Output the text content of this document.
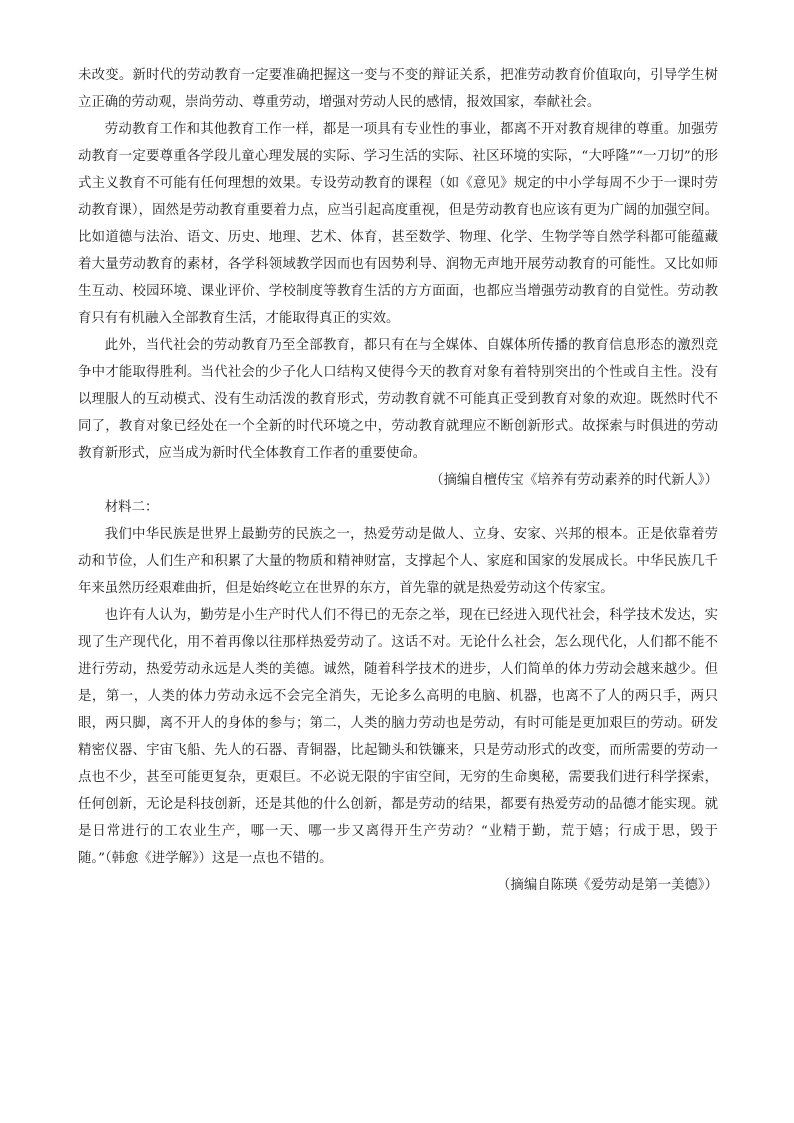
未改变。新时代的劳动教育一定要准确把握这一变与不变的辩证关系，把准劳动教育价值取向，引导学生树立正确的劳动观，崇尚劳动、尊重劳动，增强对劳动人民的感情，报效国家，奉献社会。

劳动教育工作和其他教育工作一样，都是一项具有专业性的事业，都离不开对教育规律的尊重。加强劳动教育一定要尊重各学段儿童心理发展的实际、学习生活的实际、社区环境的实际，“大呼隆”“一刀切”的形式主义教育不可能有任何理想的效果。专设劳动教育的课程（如《意见》规定的中小学每周不少于一课时劳动教育课），固然是劳动教育重要着力点，应当引起高度重视，但是劳动教育也应该有更为广阔的加强空间。比如道德与法治、语文、历史、地理、艺术、体育，甚至数学、物理、化学、生物学等自然学科都可能蕴藏着大量劳动教育的素材，各学科领域教学因而也有因势利导、润物无声地开展劳动教育的可能性。又比如师生互动、校园环境、课业评价、学校制度等教育生活的方方面面，也都应当增强劳动教育的自觉性。劳动教育只有有机融入全部教育生活，才能取得真正的实效。

此外，当代社会的劳动教育乃至全部教育，都只有在与全媒体、自媒体所传播的教育信息形态的激烈竞争中才能取得胜利。当代社会的少子化人口结构又使得今天的教育对象有着特别突出的个性或自主性。没有以理服人的互动模式、没有生动活泼的教育形式，劳动教育就不可能真正受到教育对象的欢迎。既然时代不同了，教育对象已经处在一个全新的时代环境之中，劳动教育就理应不断创新形式。故探索与时俱进的劳动教育新形式，应当成为新时代全体教育工作者的重要使命。

（摘编自檀传宝《培养有劳动素养的时代新人》）

材料二：

我们中华民族是世界上最勤劳的民族之一，热爱劳动是做人、立身、安家、兴邦的根本。正是依靠着劳动和节俭，人们生产和积累了大量的物质和精神财富，支撑起个人、家庭和国家的发展成长。中华民族几千年来虽然历经艰难曲折，但是始终屹立在世界的东方，首先靠的就是热爱劳动这个传家宝。

也许有人认为，勤劳是小生产时代人们不得已的无奈之举，现在已经进入现代社会，科学技术发达，实现了生产现代化，用不着再像以往那样热爱劳动了。这话不对。无论什么社会，怎么现代化，人们都不能不进行劳动，热爱劳动永远是人类的美德。诚然，随着科学技术的进步，人们简单的体力劳动会越来越少。但是，第一，人类的体力劳动永远不会完全消失，无论多么高明的电脑、机器，也离不了人的两只手，两只眼，两只脚，离不开人的身体的参与；第二，人类的脑力劳动也是劳动，有时可能是更加艰巨的劳动。研发精密仪器、宇宙飞船、先人的石器、青铜器，比起锄头和铁镰来，只是劳动形式的改变，而所需要的劳动一点也不少，甚至可能更复杂，更艰巨。不必说无限的宇宙空间，无穷的生命奥秘，需要我们进行科学探索，任何创新，无论是科技创新，还是其他的什么创新，都是劳动的结果，都要有热爱劳动的品德才能实现。就是日常进行的工农业生产，哪一天、哪一步又离得开生产劳动？“业精于勤，荒于嬉；行成于思，毁于随。”（韩愈《进学解》）这是一点也不错的。

（摘编自陈瑛《爱劳动是第一美德》）
